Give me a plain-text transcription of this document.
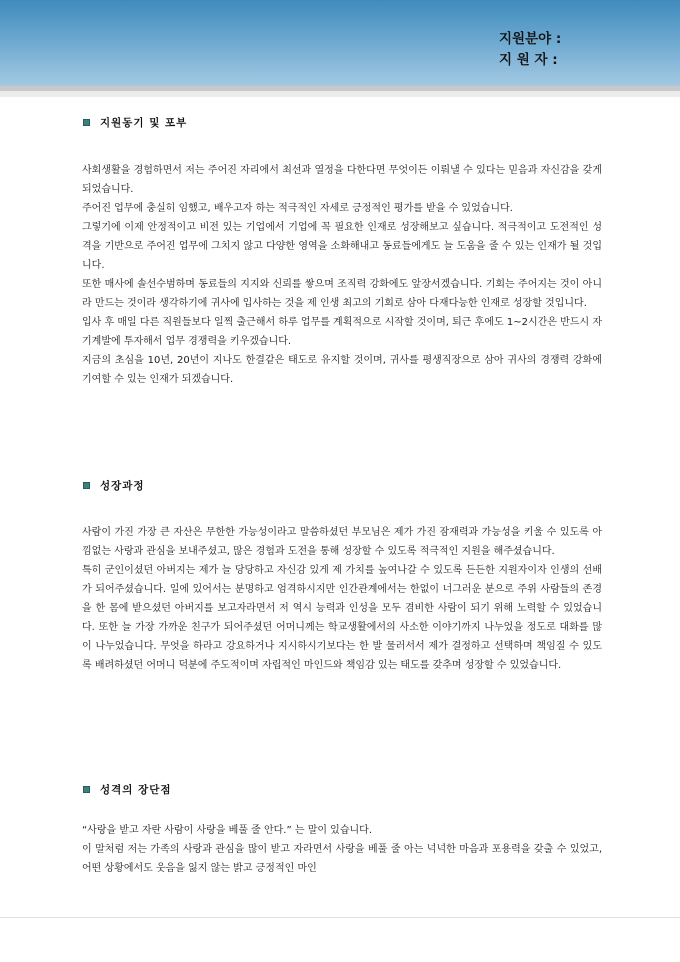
지원분야 :
지 원 자 :
지원동기 및 포부

사회생활을 경험하면서 저는 주어진 자리에서 최선과 열정을 다한다면 무엇이든 이뤄낼 수 있다는 믿음과 자신감을 갖게 되었습니다.

주어진 업무에 충실히 임했고, 배우고자 하는 적극적인 자세로 긍정적인 평가를 받을 수 있었습니다.

그렇기에 이제 안정적이고 비전 있는 기업에서 기업에 꼭 필요한 인재로 성장해보고 싶습니다. 적극적이고 도전적인 성격을 기반으로 주어진 업무에 그치지 않고 다양한 영역을 소화해내고 동료들에게도 늘 도움을 줄 수 있는 인재가 될 것입니다.

또한 매사에 솔선수범하며 동료들의 지지와 신뢰를 쌓으며 조직력 강화에도 앞장서겠습니다. 기회는 주어지는 것이 아니라 만드는 것이라 생각하기에 귀사에 입사하는 것을 제 인생 최고의 기회로 삼아 다재다능한 인재로 성장할 것입니다.

입사 후 매일 다른 직원들보다 일찍 출근해서 하루 업무를 계획적으로 시작할 것이며, 퇴근 후에도 1~2시간은 반드시 자기계발에 투자해서 업무 경쟁력을 키우겠습니다.

지금의 초심을 10년, 20년이 지나도 한결같은 태도로 유지할 것이며, 귀사를 평생직장으로 삼아 귀사의 경쟁력 강화에 기여할 수 있는 인재가 되겠습니다.

성장과정

사람이 가진 가장 큰 자산은 무한한 가능성이라고 말씀하셨던 부모님은 제가 가진 잠재력과 가능성을 키울 수 있도록 아낌없는 사랑과 관심을 보내주셨고, 많은 경험과 도전을 통해 성장할 수 있도록 적극적인 지원을 해주셨습니다.

특히 군인이셨던 아버지는 제가 늘 당당하고 자신감 있게 제 가치를 높여나갈 수 있도록 든든한 지원자이자 인생의 선배가 되어주셨습니다. 일에 있어서는 분명하고 엄격하시지만 인간관계에서는 한없이 너그러운 분으로 주위 사람들의 존경을 한 몸에 받으셨던 아버지를 보고자라면서 저 역시 능력과 인성을 모두 겸비한 사람이 되기 위해 노력할 수 있었습니다. 또한 늘 가장 가까운 친구가 되어주셨던 어머니께는 학교생활에서의 사소한 이야기까지 나누었을 정도로 대화를 많이 나누었습니다. 무엇을 하라고 강요하거나 지시하시기보다는 한 발 물러서서 제가 결정하고 선택하며 책임질 수 있도록 배려하셨던 어머니 덕분에 주도적이며 자립적인 마인드와 책임감 있는 태도를 갖추며 성장할 수 있었습니다.

성격의 장단점

“사랑을 받고 자란 사람이 사랑을 베풀 줄 안다.” 는 말이 있습니다.

이 말처럼 저는 가족의 사랑과 관심을 많이 받고 자라면서 사랑을 베풀 줄 아는 넉넉한 마음과 포용력을 갖출 수 있었고, 어떤 상황에서도 웃음을 잃지 않는 밝고 긍정적인 마인
